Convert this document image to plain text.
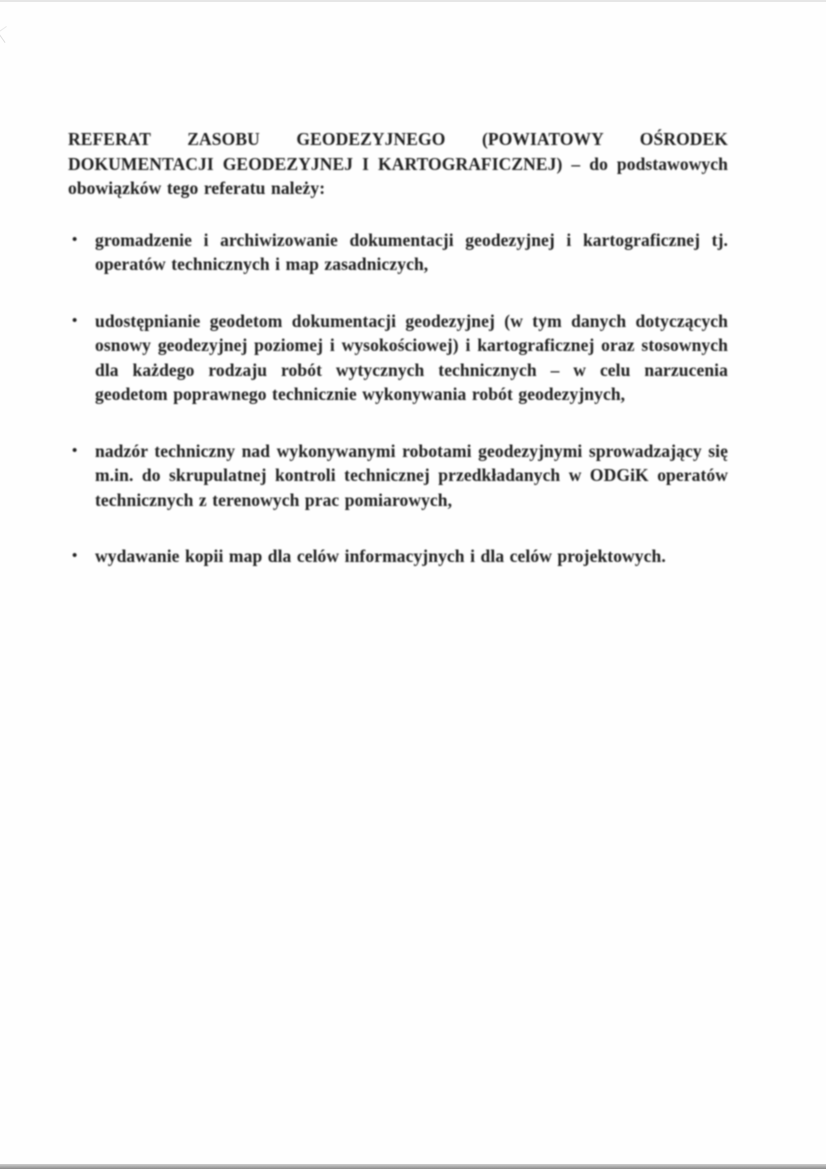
REFERAT ZASOBU GEODEZYJNEGO (POWIATOWY OŚRODEK DOKUMENTACJI GEODEZYJNEJ I KARTOGRAFICZNEJ) – do podstawowych obowiązków tego referatu należy:

• gromadzenie i archiwizowanie dokumentacji geodezyjnej i kartograficznej tj. operatów technicznych i map zasadniczych,
• udostępnianie geodetom dokumentacji geodezyjnej (w tym danych dotyczących osnowy geodezyjnej poziomej i wysokościowej) i kartograficznej oraz stosownych dla każdego rodzaju robót wytycznych technicznych – w celu narzucenia geodetom poprawnego technicznie wykonywania robót geodezyjnych,
• nadzór techniczny nad wykonywanymi robotami geodezyjnymi sprowadzający się m.in. do skrupulatnej kontroli technicznej przedkładanych w ODGiK operatów technicznych z terenowych prac pomiarowych,
• wydawanie kopii map dla celów informacyjnych i dla celów projektowych.
